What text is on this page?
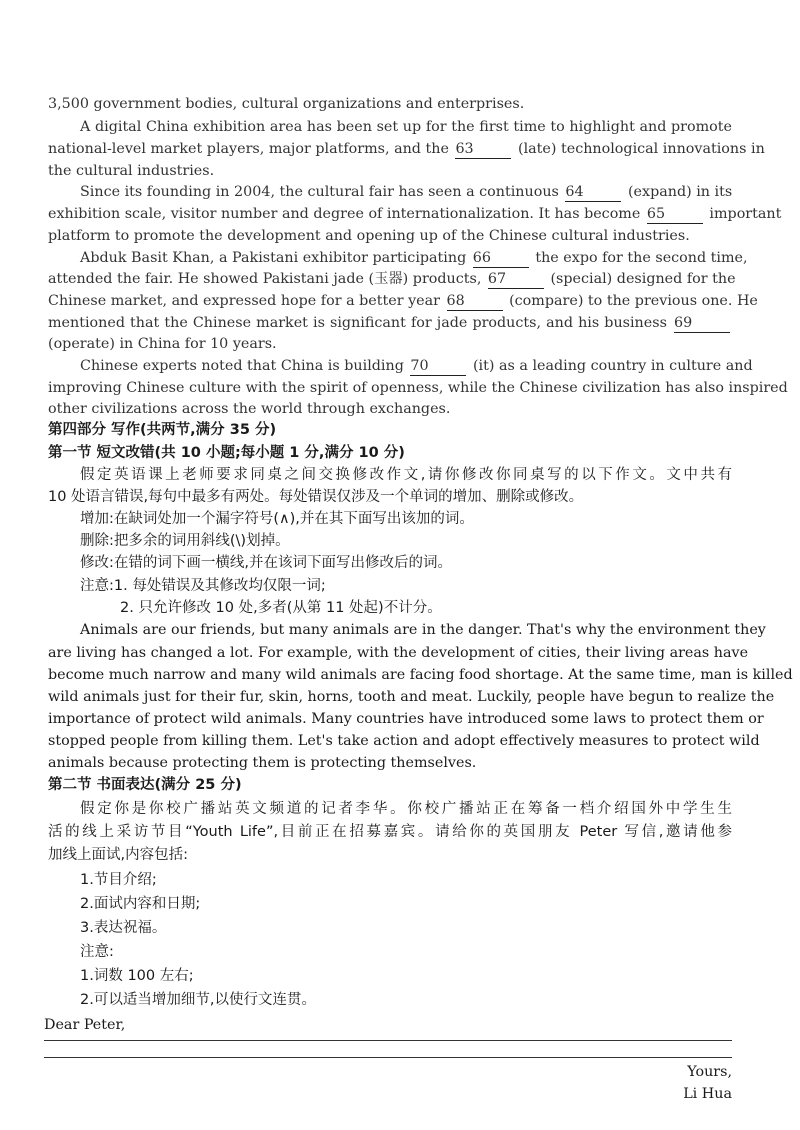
3,500 government bodies, cultural organizations and enterprises.
A digital China exhibition area has been set up for the first time to highlight and promote
national-level market players, major platforms, and the 63	(late) technological innovations in
the cultural industries.
Since its founding in 2004, the cultural fair has seen a continuous 64	(expand) in its
exhibition scale, visitor number and degree of internationalization. It has become 65	important
platform to promote the development and opening up of the Chinese cultural industries.
Abduk Basit Khan, a Pakistani exhibitor participating 66	the expo for the second time,
attended the fair. He showed Pakistani jade (玉器) products, 67	(special) designed for the
Chinese market, and expressed hope for a better year 68	(compare) to the previous one. He
mentioned that the Chinese market is significant for jade products, and his business 69
(operate) in China for 10 years.
Chinese experts noted that China is building 70	(it) as a leading country in culture and
improving Chinese culture with the spirit of openness, while the Chinese civilization has also inspired
other civilizations across the world through exchanges.
第四部分 写作(共两节,满分 35 分)
第一节 短文改错(共 10 小题;每小题 1 分,满分 10 分)
假定英语课上老师要求同桌之间交换修改作文,请你修改你同桌写的以下作文。文中共有
10 处语言错误,每句中最多有两处。每处错误仅涉及一个单词的增加、删除或修改。
增加:在缺词处加一个漏字符号(∧),并在其下面写出该加的词。
删除:把多余的词用斜线(\)划掉。
修改:在错的词下画一横线,并在该词下面写出修改后的词。
注意:1. 每处错误及其修改均仅限一词;
2. 只允许修改 10 处,多者(从第 11 处起)不计分。
Animals are our friends, but many animals are in the danger. That's why the environment they
are living has changed a lot. For example, with the development of cities, their living areas have
become much narrow and many wild animals are facing food shortage. At the same time, man is killed
wild animals just for their fur, skin, horns, tooth and meat. Luckily, people have begun to realize the
importance of protect wild animals. Many countries have introduced some laws to protect them or
stopped people from killing them. Let's take action and adopt effectively measures to protect wild
animals because protecting them is protecting themselves.
第二节 书面表达(满分 25 分)
假定你是你校广播站英文频道的记者李华。你校广播站正在筹备一档介绍国外中学生生
活的线上采访节目“Youth Life”,目前正在招募嘉宾。请给你的英国朋友 Peter 写信,邀请他参
加线上面试,内容包括:
1.节目介绍;
2.面试内容和日期;
3.表达祝福。
注意:
1.词数 100 左右;
2.可以适当增加细节,以使行文连贯。
Dear Peter,
Yours,
Li Hua
